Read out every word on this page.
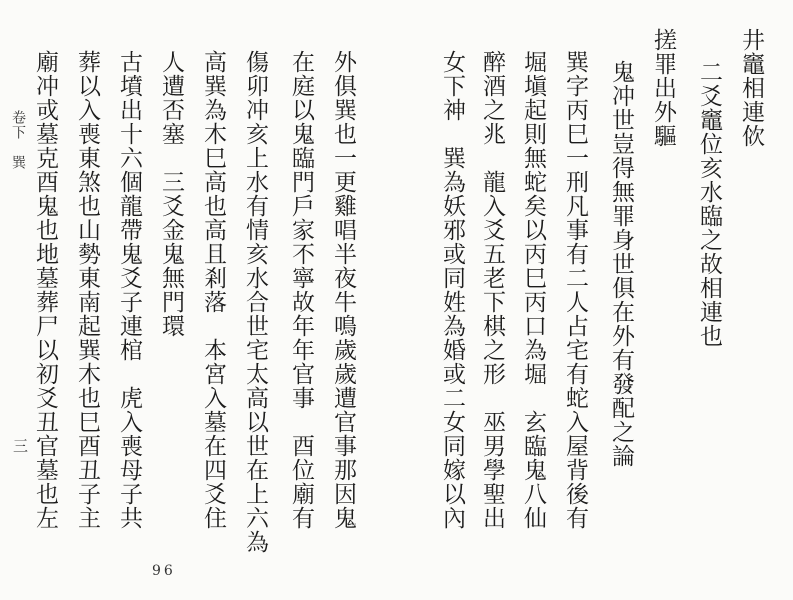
井竈相連佽
二爻竈位亥水臨之故相連也
搓罪出外驅
鬼冲世豈得無罪身世俱在外有發配之論
巽字丙巳一刑凡事有二人占宅有蛇入屋背後有
堀塡起則無蛇矣以丙巳丙口為堀　玄臨鬼八仙
醉酒之兆　龍入爻五老下棋之形　巫男學聖出
女下神　巽為妖邪或同姓為婚或二女同嫁以內
外俱巽也一更雞唱半夜牛鳴歲歲遭官事那因鬼
在庭以鬼臨門戶家不寧故年年官事　酉位廟有
傷卯冲亥上水有情亥水合世宅太高以世在上六為
高巽為木巳高也高且剎落　本宮入墓在四爻住
人遭否塞　三爻金鬼無門環
古墳出十六個龍帶鬼爻子連棺　虎入喪母子共
葬以入喪東煞也山勢東南起巽木也巳酉丑子主
廟冲戓墓克酉鬼也地墓葬尸以初爻丑官墓也左
卷下　巽
三
96
